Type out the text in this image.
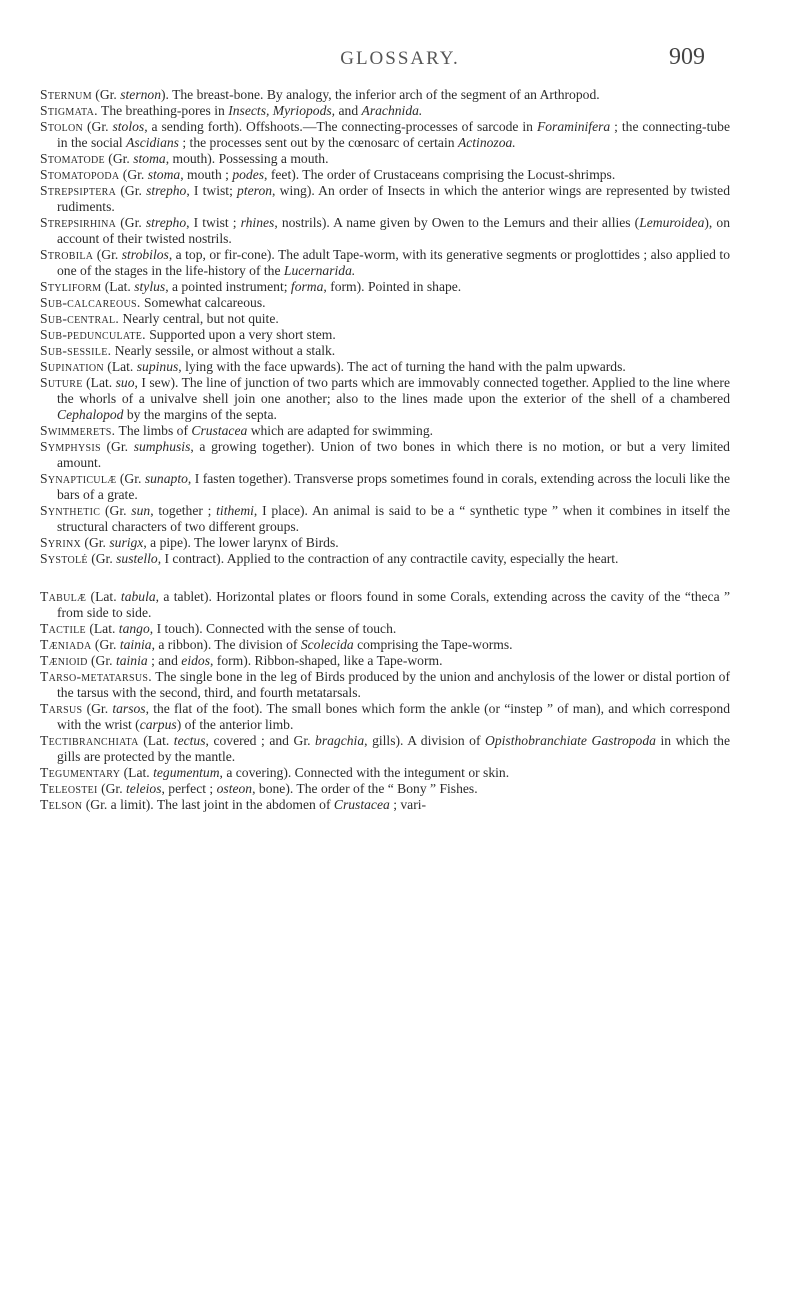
GLOSSARY.	909

Sternum (Gr. sternon). The breast-bone. By analogy, the inferior arch of the segment of an Arthropod.

Stigmata. The breathing-pores in Insects, Myriopods, and Arachnida.

Stolon (Gr. stolos, a sending forth). Offshoots.—The connecting-processes of sarcode in Foraminifera ; the connecting-tube in the social Ascidians ; the processes sent out by the cœnosarc of certain Actinozoa.

Stomatode (Gr. stoma, mouth). Possessing a mouth.

Stomatopoda (Gr. stoma, mouth ; podes, feet). The order of Crustaceans comprising the Locust-shrimps.

Strepsiptera (Gr. strepho, I twist; pteron, wing). An order of Insects in which the anterior wings are represented by twisted rudiments.

Strepsirhina (Gr. strepho, I twist ; rhines, nostrils). A name given by Owen to the Lemurs and their allies (Lemuroidea), on account of their twisted nostrils.

Strobila (Gr. strobilos, a top, or fir-cone). The adult Tape-worm, with its generative segments or proglottides ; also applied to one of the stages in the life-history of the Lucernarida.

Styliform (Lat. stylus, a pointed instrument; forma, form). Pointed in shape.

Sub-calcareous. Somewhat calcareous.

Sub-central. Nearly central, but not quite.

Sub-pedunculate. Supported upon a very short stem.

Sub-sessile. Nearly sessile, or almost without a stalk.

Supination (Lat. supinus, lying with the face upwards). The act of turning the hand with the palm upwards.

Suture (Lat. suo, I sew). The line of junction of two parts which are immovably connected together. Applied to the line where the whorls of a univalve shell join one another; also to the lines made upon the exterior of the shell of a chambered Cephalopod by the margins of the septa.

Swimmerets. The limbs of Crustacea which are adapted for swimming.

Symphysis (Gr. sumphusis, a growing together). Union of two bones in which there is no motion, or but a very limited amount.

Synapticulæ (Gr. sunapto, I fasten together). Transverse props sometimes found in corals, extending across the loculi like the bars of a grate.

Synthetic (Gr. sun, together ; tithemi, I place). An animal is said to be a “ synthetic type ” when it combines in itself the structural characters of two different groups.

Syrinx (Gr. surigx, a pipe). The lower larynx of Birds.

Systolé (Gr. sustello, I contract). Applied to the contraction of any contractile cavity, especially the heart.

Tabulæ (Lat. tabula, a tablet). Horizontal plates or floors found in some Corals, extending across the cavity of the “theca ” from side to side.

Tactile (Lat. tango, I touch). Connected with the sense of touch.

Tæniada (Gr. tainia, a ribbon). The division of Scolecida comprising the Tape-worms.

Tænioid (Gr. tainia ; and eidos, form). Ribbon-shaped, like a Tape-worm.

Tarso-metatarsus. The single bone in the leg of Birds produced by the union and anchylosis of the lower or distal portion of the tarsus with the second, third, and fourth metatarsals.

Tarsus (Gr. tarsos, the flat of the foot). The small bones which form the ankle (or “instep ” of man), and which correspond with the wrist (carpus) of the anterior limb.

Tectibranchiata (Lat. tectus, covered ; and Gr. bragchia, gills). A division of Opisthobranchiate Gastropoda in which the gills are protected by the mantle.

Tegumentary (Lat. tegumentum, a covering). Connected with the integument or skin.

Teleostei (Gr. teleios, perfect ; osteon, bone). The order of the “ Bony ” Fishes.

Telson (Gr. a limit). The last joint in the abdomen of Crustacea ; vari-
